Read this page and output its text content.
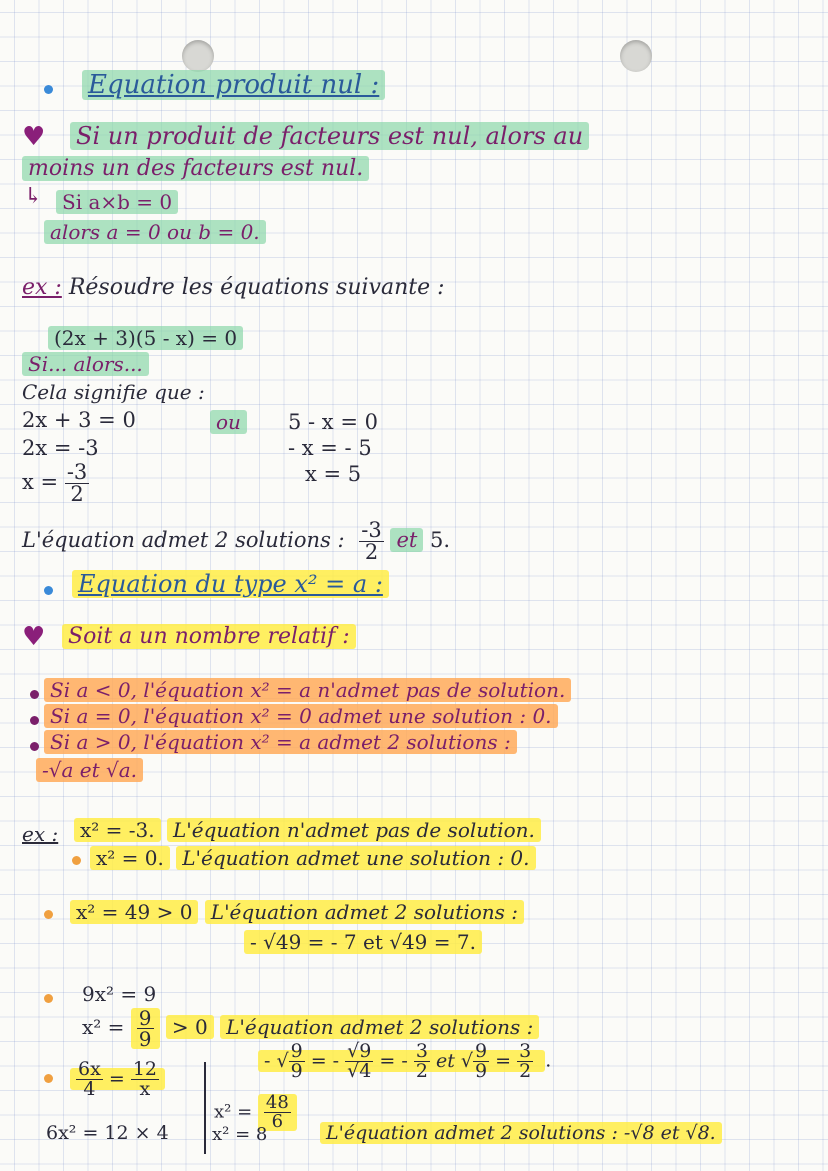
Equation produit nul :
♥ Si un produit de facteurs est nul, alors au
moins un des facteurs est nul.
↳ Si a×b = 0
alors a = 0 ou b = 0.
ex : Résoudre les équations suivante :
(2x + 3)(5 - x) = 0
Si... alors...
Cela signifie que :
2x + 3 = 0	ou
2x = -3
$x = \frac{-3}{2}$
5 - x = 0
- x = - 5
x = 5
L'équation admet 2 solutions : $\frac{-3}{2}$ et 5.
Equation du type x² = a :
♥ Soit a un nombre relatif :
Si a < 0, l'équation x² = a n'admet pas de solution.
Si a = 0, l'équation x² = 0 admet une solution : 0.
Si a > 0, l'équation x² = a admet 2 solutions :
-√a et √a.
ex :	x² = -3. L'équation n'admet pas de solution.
x² = 0. L'équation admet une solution : 0.
x² = 49 > 0 L'équation admet 2 solutions :
- √49 = - 7 et √49 = 7.
9x² = 9
$x^2 = \frac{9}{9} > 0$ L'équation admet 2 solutions :
- √ $\frac{9}{9}$ = - $\frac{√9}{√4}$ = - $\frac{3}{2}$ et √ $\frac{9}{9} = \frac{3}{2}$ .
$\frac{6x}{4} = \frac{12}{x}$
6x² = 12 × 4
$x^2 = \frac{48}{6}$
x² = 8	L'équation admet 2 solutions : -√8 et √8.
